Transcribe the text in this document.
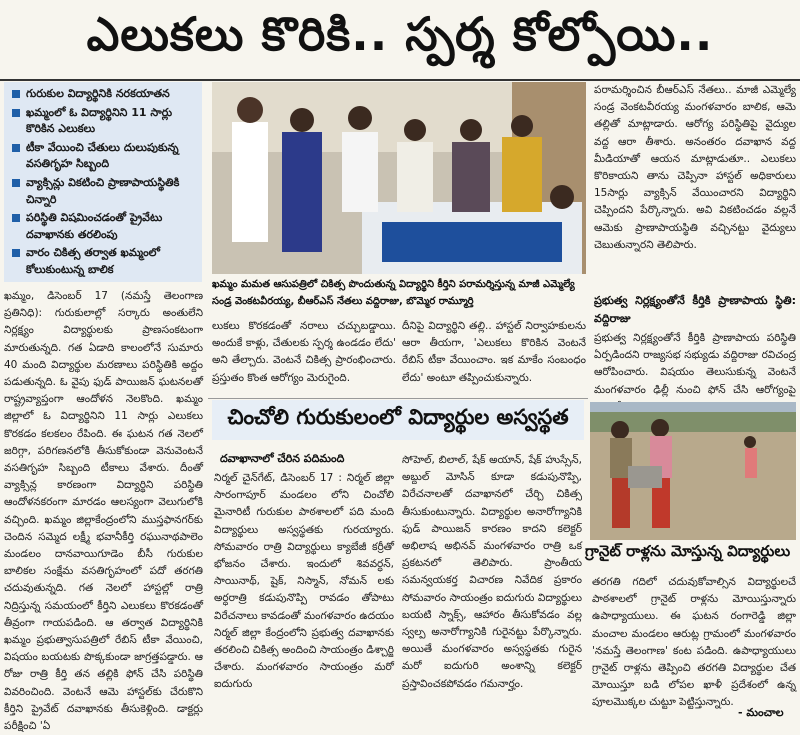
ఎలుకలు కొరికి.. స్పర్శ కోల్పోయి..
గురుకుల విద్యార్థినికి నరకయాతన
ఖమ్మంలో ఓ విద్యార్థినిని 11 సార్లు కొరికిన ఎలుకలు
టీకా వేయించి చేతులు దులుపుకున్న వసతిగృహ సిబ్బంది
వ్యాక్సిన్లు వికటించి ప్రాణాపాయస్థితికి చిన్నారి
పరిస్థితి విషమించడంతో ప్రైవేటు దవాఖానకు తరలింపు
వారం చికిత్స తర్వాత ఖమ్మంలో కోలుకుంటున్న బాలిక

ఖమ్మం, డిసెంబర్ 17 (నమస్తే తెలంగాణ ప్రతినిధి): గురుకులాల్లో సర్కారు అంతులేని నిర్లక్ష్యం విద్యార్థులకు ప్రాణసంకటంగా మారుతున్నది. గత ఏడాది కాలంలోనే సుమారు 40 మంది విద్యార్థుల మరణాలు పరిస్థితికి అద్దం పడుతున్నది. ఓ వైపు ఫుడ్ పాయిజన్ ఘటనలతో రాష్ట్రవ్యాప్తంగా ఆందోళన నెలకొంది. ఖమ్మం జిల్లాలో ఓ విద్యార్థినిని 11 సార్లు ఎలుకలు కొరకడం కలకలం రేపింది. ఈ ఘటన గత నెలలో జరిగ్గా, పరిగణనలోకి తీసుకోకుండా వెనువెంటనే వసతిగృహ సిబ్బంది టీకాలు వేశారు. దీంతో వ్యాక్సిన్ల కారణంగా విద్యార్థిని పరిస్థితి ఆందోళనకరంగా మారడం ఆలస్యంగా వెలుగులోకి వచ్చింది. ఖమ్మం జిల్లాకేంద్రంలోని ముస్తఫానగర్‌కు చెందిన సమ్మెద లక్ష్మీ భవానీకీర్తి రఘునాథపాలెం మండలం దానవాయిగూడెం బీసీ గురుకుల బాలికల సంక్షేమ వసతిగృహంలో పదో తరగతి చదువుతున్నది. గత నెలలో హాస్టల్లో రాత్రి నిద్రిస్తున్న సమయంలో కీర్తిని ఎలుకలు కొరకడంతో తీవ్రంగా గాయపడింది. ఆ తర్వాత విద్యార్థినికి ఖమ్మం ప్రభుత్వాసుపత్రిలో రేబిస్ టీకా వేయించి, విషయం బయటకు పొక్కకుండా జాగ్రత్తపడ్డారు. ఆ రోజు రాత్రి కీర్తి తన తల్లికి ఫోన్ చేసి పరిస్థితి వివరించింది. వెంటనే ఆమె హాస్టల్‌కు చేరుకొని కీర్తిని ప్రైవేట్ దవాఖానకు తీసుకెళ్లింది. డాక్టర్లు పరీక్షించి 'ఏ

ఖమ్మం మమత ఆసుపత్రిలో చికిత్స పొందుతున్న విద్యార్థిని కీర్తిని పరామర్శిస్తున్న మాజీ ఎమ్మెల్యే సండ్ర వెంకటవీరయ్య, బీఆర్‌ఎస్ నేతలు వద్దిరాజు, బొమ్మెర రామ్మూర్తి

లుకలు కొరకడంతో నరాలు చచ్చుబడ్డాయి. అందుకే కాళ్లు, చేతులకు స్పర్శ ఉండడం లేదు' అని తేల్చారు. వెంటనే చికిత్స ప్రారంభించారు. ప్రస్తుతం కొంత ఆరోగ్యం మెరుగైంది.

దీనిపై విద్యార్థిని తల్లి.. హాస్టల్ నిర్వాహకులను ఆరా తీయగా, 'ఎలుకలు కొరికిన వెంటనే రేబిస్ టీకా వేయించాం. ఇక మాకేం సంబంధం లేదు' అంటూ తప్పించుకున్నారు.

పరామర్శించిన బీఆర్‌ఎస్ నేతలు.. మాజీ ఎమ్మెల్యే సండ్ర వెంకటవీరయ్య మంగళవారం బాలిక, ఆమె తల్లితో మాట్లాడారు. ఆరోగ్య పరిస్థితిపై వైద్యుల వద్ద ఆరా తీశారు. అనంతరం దవాఖాన వద్ద మీడియాతో ఆయన మాట్లాడుతూ.. ఎలుకలు కొరికాయని తాను చెప్పినా హాస్టల్ అధికారులు 15సార్లు వ్యాక్సిన్ వేయించారని విద్యార్థిని చెప్పిందని పేర్కొన్నారు. అవి వికటించడం వల్లనే ఆమెకు ప్రాణాపాయస్థితి వచ్చినట్టు వైద్యులు చెబుతున్నారని తెలిపారు.

ప్రభుత్వ నిర్లక్ష్యంతోనే కీర్తికి ప్రాణాపాయ స్థితి: వద్దిరాజు

ప్రభుత్వ నిర్లక్ష్యంతోనే కీర్తికి ప్రాణాపాయ పరిస్థితి ఏర్పడిందని రాజ్యసభ సభ్యుడు వద్దిరాజు రవిచంద్ర ఆరోపించారు. విషయం తెలుసుకున్న వెంటనే మంగళవారం ఢిల్లీ నుంచి ఫోన్ చేసి ఆరోగ్యంపై

చించోలి గురుకులంలో విద్యార్థుల అస్వస్థత
దవాఖానాలో చేరిన పదిమంది

నిర్మల్ చైన్‌గేట్, డిసెంబర్ 17 : నిర్మల్ జిల్లా సారంగాపూర్ మండలం లోని చించోలి మైనారిటీ గురుకుల పాఠశాలలో పది మంది విద్యార్థులు అస్వస్థతకు గురయ్యారు. సోమవారం రాత్రి విద్యార్థులు క్యాబేజీ కర్రీతో భోజనం చేశారు. ఇందులో శివవర్ధన్, సాయినాథ్, షైక్, నిస్మాన్, నోమన్ లకు అర్ధరాత్రి కడుపునొప్పి రావడం తోపాటు విరేచనాలు కావడంతో మంగళవారం ఉదయం నిర్మల్ జిల్లా కేంద్రంలోని ప్రభుత్వ దవాఖానకు తరలించి చికిత్స అందించి సాయంత్రం డిశ్చార్జి చేశారు. మంగళవారం సాయంత్రం మరో ఐదుగురు

సోహెల్, బిలాల్, షేక్ అయాన్, షేక్ హుస్సేన్, అబ్దుల్ మోసిన్ కూడా కడుపునొప్పి, విరేచనాలతో దవాఖానలో చేర్చి చికిత్స తీసుకుంటున్నారు. విద్యార్థుల అనారోగ్యానికి ఫుడ్ పాయిజన్ కారణం కాదని కలెక్టర్ అభిలాష అభినవ్ మంగళవారం రాత్రి ఒక ప్రకటనలో తెలిపారు. ప్రాంతీయ సమన్వయకర్త విచారణ నివేదిక ప్రకారం సోమవారం సాయంత్రం ఐదుగురు విద్యార్థులు బయటి స్నాక్స్, ఆహారం తీసుకోవడం వల్ల స్వల్ప అనారోగ్యానికి గురైనట్టు పేర్కొన్నారు. అయితే మంగళవారం అస్వస్థతకు గురైన మరో ఐదుగురి అంశాన్ని కలెక్టర్ ప్రస్తావించకపోవడం గమనార్హం.

గ్రానైట్ రాళ్లను మోస్తున్న విద్యార్థులు

తరగతి గదిలో చదువుకోవాల్సిన విద్యార్థులచే పాఠశాలలో గ్రానైట్ రాళ్లను మోయిస్తున్నారు ఉపాధ్యాయులు. ఈ ఘటన రంగారెడ్డి జిల్లా మంచాల మండలం ఆరుట్ల గ్రామంలో మంగళవారం 'నమస్తే తెలంగాణ' కంట పడింది. ఉపాధ్యాయులు గ్రానైట్ రాళ్లను తెప్పించి తరగతి విద్యార్థుల చేత మోయిస్తూ బడి లోపల ఖాళీ ప్రదేశంలో ఉన్న పూలమొక్కల చుట్టూ పెట్టిస్తున్నారు.

- మంచాల
